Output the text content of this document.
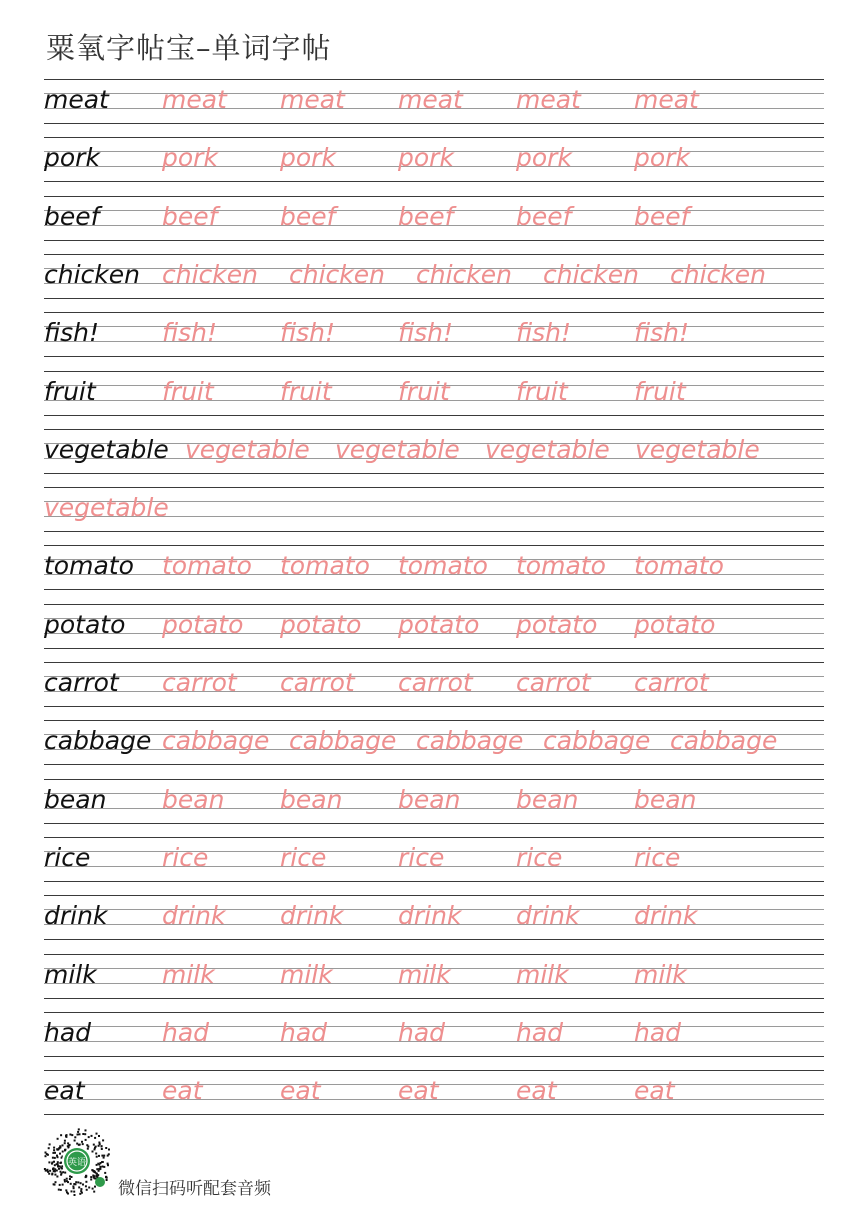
粟氧字帖宝–单词字帖
meat meat meat meat meat meat
pork pork pork pork pork pork
beef	beef	beef	beef	beef	beef
chicken chicken chicken chicken chicken chicken
fish!	fish!	fish!	fish!	fish!	fish!
fruit	fruit	fruit	fruit	fruit	fruit
vegetable vegetable vegetable vegetable vegetable
vegetable
tomato tomato tomato tomato tomato tomato
potato potato potato potato potato potato
carrot carrot carrot carrot carrot carrot
cabbage cabbage cabbage cabbage cabbage cabbage
bean bean bean bean bean bean
rice	rice	rice	rice	rice	rice
drink drink drink drink drink drink
milk	milk	milk	milk	milk	milk
had	had	had	had	had	had
eat	eat	eat	eat	eat	eat
英语
微信扫码听配套音频
